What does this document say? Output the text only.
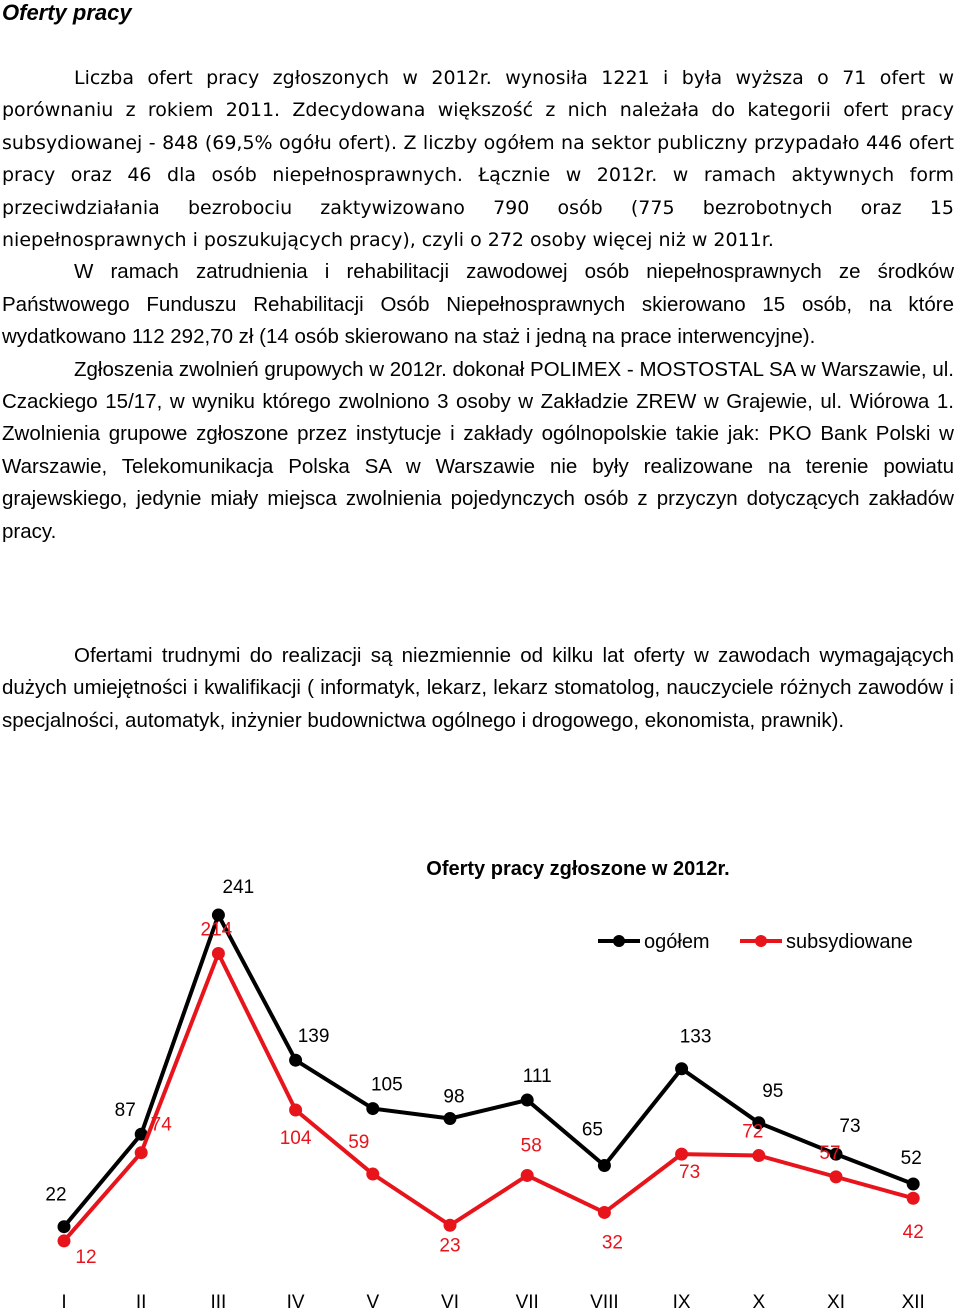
Oferty pracy

Liczba ofert pracy zgłoszonych w 2012r. wynosiła 1221 i była wyższa o 71 ofert w porównaniu z rokiem 2011. Zdecydowana większość z nich należała do kategorii ofert pracy subsydiowanej - 848 (69,5% ogółu ofert). Z liczby ogółem na sektor publiczny przypadało 446 ofert pracy oraz 46 dla osób niepełnosprawnych. Łącznie w 2012r. w ramach aktywnych form przeciwdziałania bezrobociu zaktywizowano 790 osób (775 bezrobotnych oraz 15 niepełnosprawnych i poszukujących pracy), czyli o 272 osoby więcej niż w 2011r.

W ramach zatrudnienia i rehabilitacji zawodowej osób niepełnosprawnych ze środków Państwowego Funduszu Rehabilitacji Osób Niepełnosprawnych skierowano 15 osób, na które wydatkowano 112 292,70 zł (14 osób skierowano na staż i jedną na prace interwencyjne).

Zgłoszenia zwolnień grupowych w 2012r. dokonał POLIMEX - MOSTOSTAL SA w Warszawie, ul. Czackiego 15/17, w wyniku którego zwolniono 3 osoby w Zakładzie ZREW w Grajewie, ul. Wiórowa 1. Zwolnienia grupowe zgłoszone przez instytucje i zakłady ogólnopolskie takie jak: PKO Bank Polski w Warszawie, Telekomunikacja Polska SA w Warszawie nie były realizowane na terenie powiatu grajewskiego, jedynie miały miejsca zwolnienia pojedynczych osób z przyczyn dotyczących zakładów pracy.

Ofertami trudnymi do realizacji są niezmiennie od kilku lat oferty w zawodach wymagających dużych umiejętności i kwalifikacji ( informatyk, lekarz, lekarz stomatolog, nauczyciele różnych zawodów i specjalności, automatyk, inżynier budownictwa ogólnego i drogowego, ekonomista, prawnik).

Oferty pracy zgłoszone w 2012r.
ogółem	subsydiowane
I	II	III	IV	V	VI	VII	VIII	IX	X	XI	XII
22
87
241
139
105
98
111
65
133
95
73
52
12
74
214
104 59
23
58
32
73
72
57
42
